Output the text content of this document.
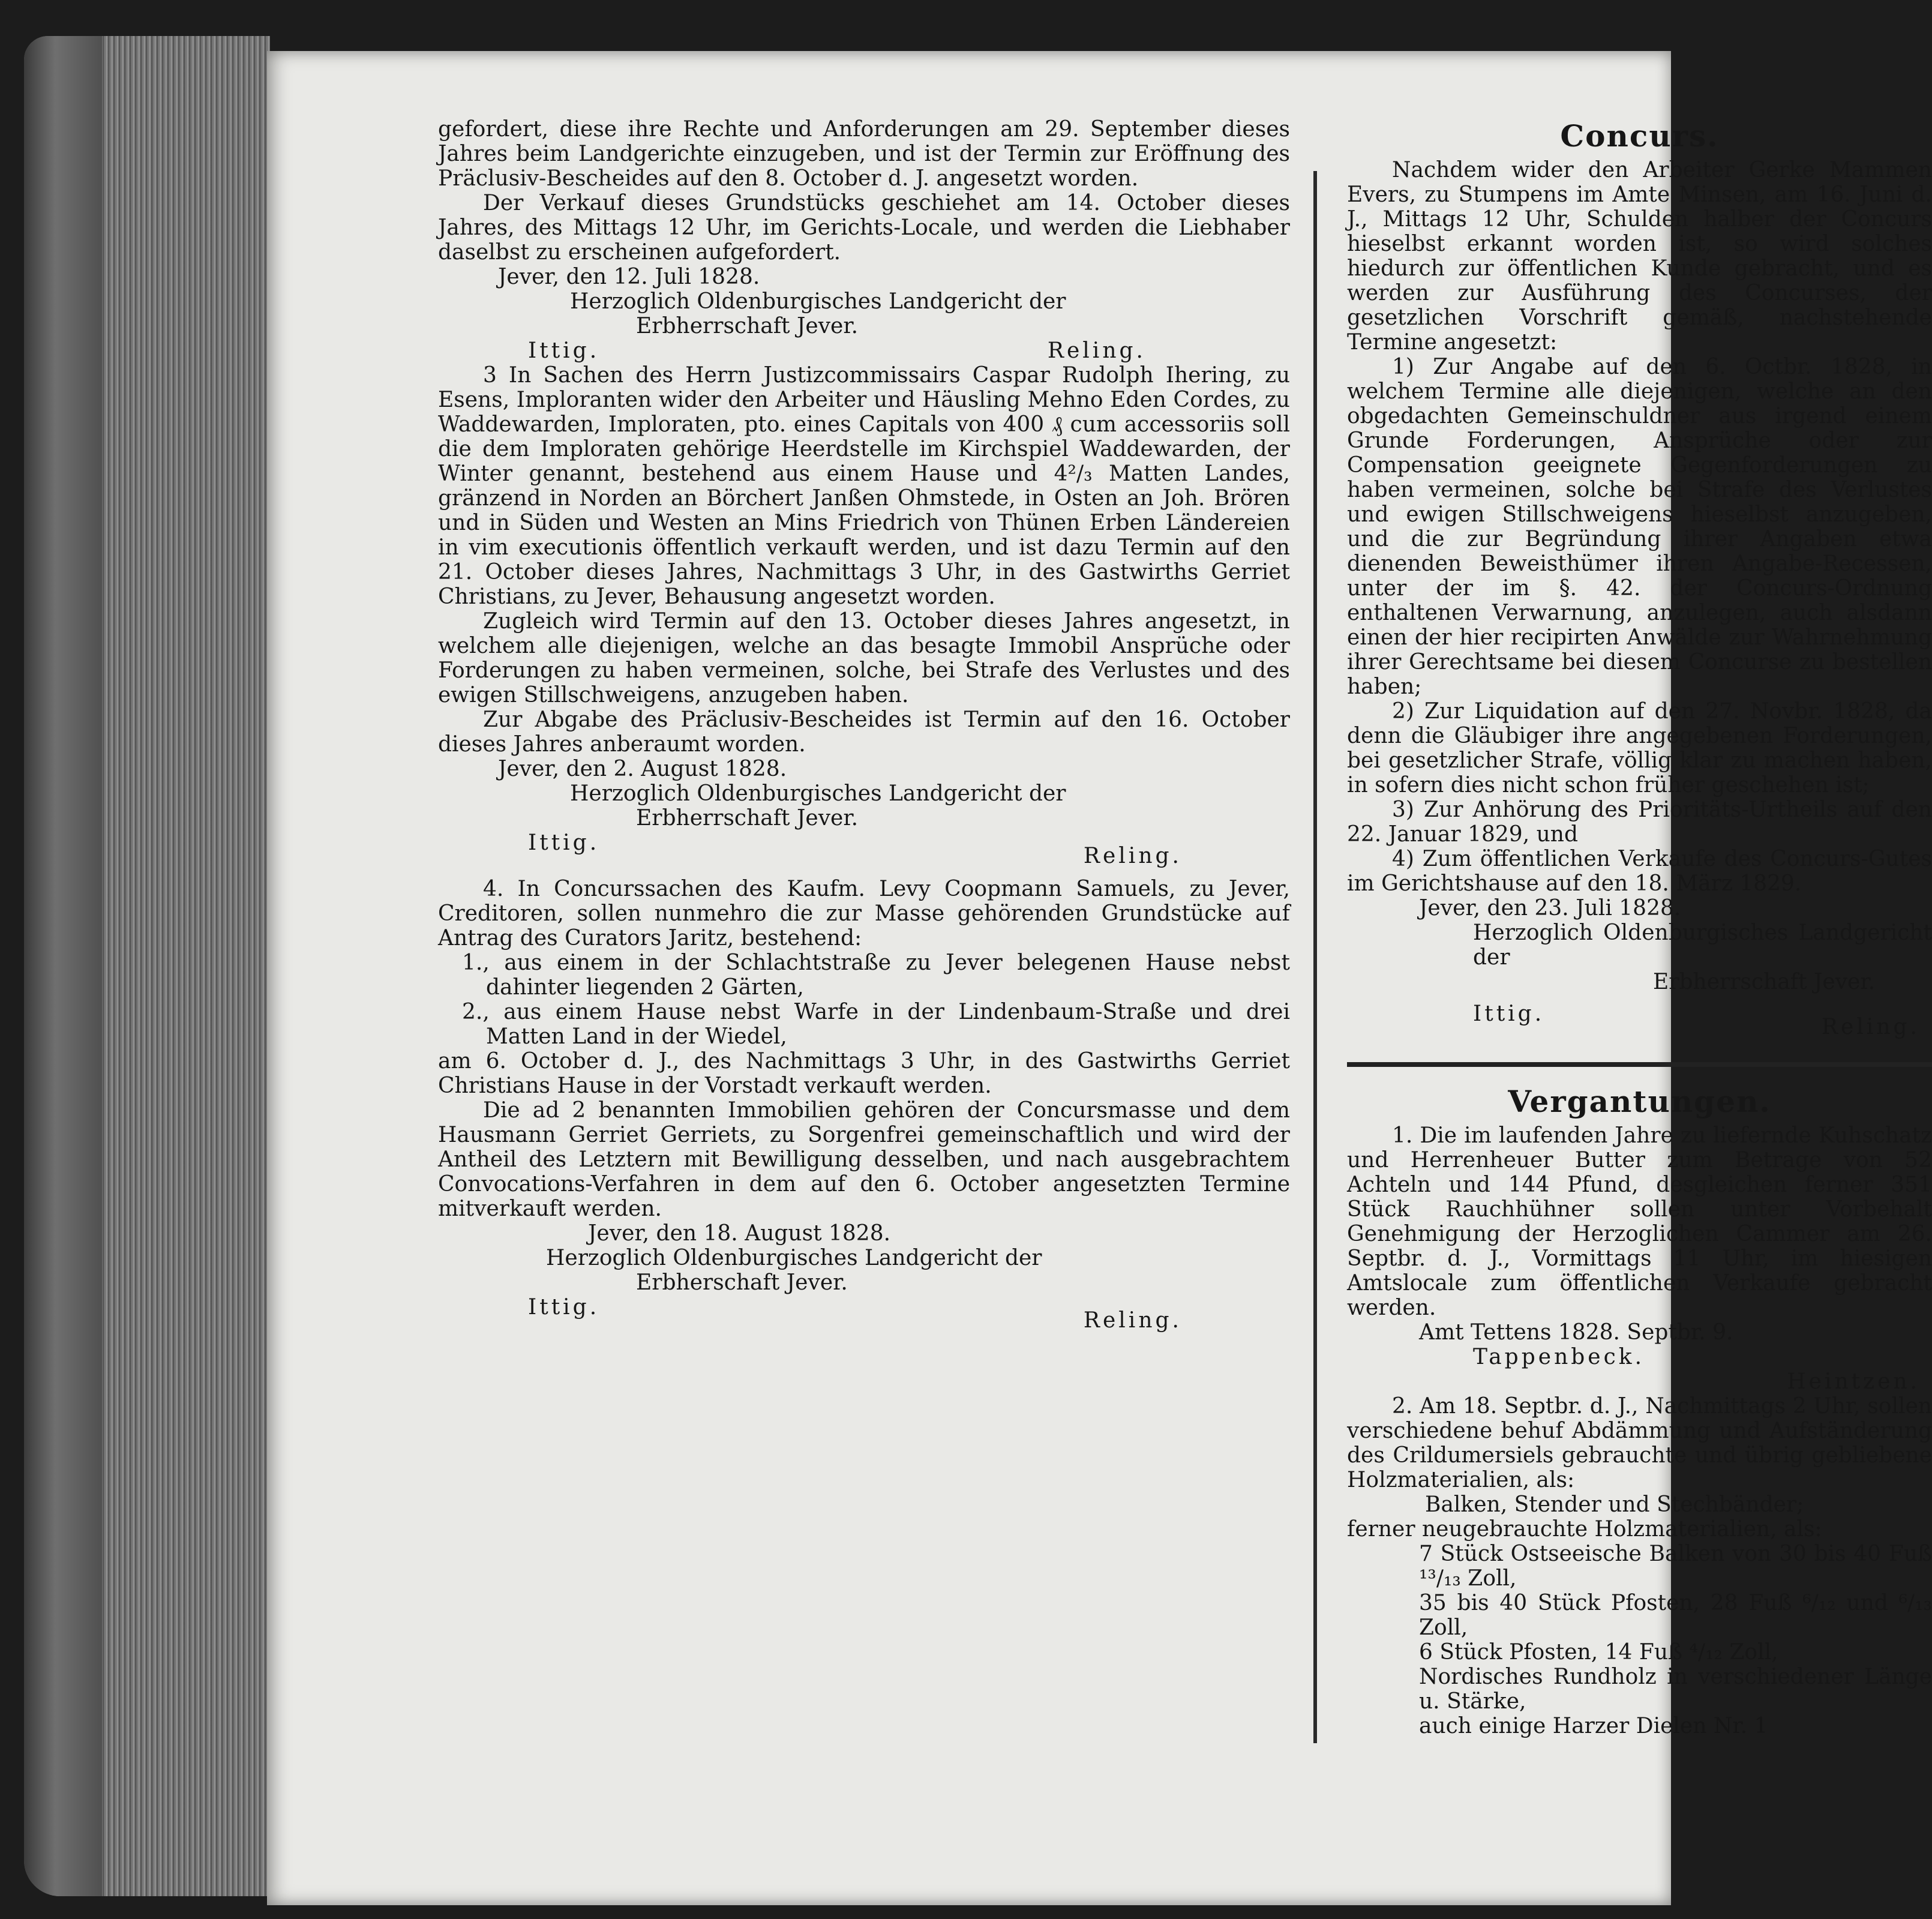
gefordert, diese ihre Rechte und Anforderungen am 29. September dieses Jahres beim Landgerichte einzugeben, und ist der Termin zur Eröffnung des Präclusiv-Bescheides auf den 8. October d. J. angesetzt worden.

Der Verkauf dieses Grundstücks geschiehet am 14. October dieses Jahres, des Mittags 12 Uhr, im Gerichts-Locale, und werden die Liebhaber daselbst zu erscheinen aufgefordert.

Jever, den 12. Juli 1828.

Herzoglich Oldenburgisches Landgericht der

Erbherrschaft Jever.

Ittig.	Reling.

3 In Sachen des Herrn Justizcommissairs Caspar Rudolph Ihering, zu Esens, Imploranten wider den Arbeiter und Häusling Mehno Eden Cordes, zu Waddewarden, Imploraten, pto. eines Capitals von 400 ₰ cum accessoriis soll die dem Imploraten gehörige Heerdstelle im Kirchspiel Waddewarden, der Winter genannt, bestehend aus einem Hause und 4²/₃ Matten Landes, gränzend in Norden an Börchert Janßen Ohmstede, in Osten an Joh. Brören und in Süden und Westen an Mins Friedrich von Thünen Erben Ländereien in vim executionis öffentlich verkauft werden, und ist dazu Termin auf den 21. October dieses Jahres, Nachmittags 3 Uhr, in des Gastwirths Gerriet Christians, zu Jever, Behausung angesetzt worden.

Zugleich wird Termin auf den 13. October dieses Jahres angesetzt, in welchem alle diejenigen, welche an das besagte Immobil Ansprüche oder Forderungen zu haben vermeinen, solche, bei Strafe des Verlustes und des ewigen Stillschweigens, anzugeben haben.

Zur Abgabe des Präclusiv-Bescheides ist Termin auf den 16. October dieses Jahres anberaumt worden.

Jever, den 2. August 1828.

Herzoglich Oldenburgisches Landgericht der

Erbherrschaft Jever.

Ittig.
Reling.

4. In Concurssachen des Kaufm. Levy Coopmann Samuels, zu Jever, Creditoren, sollen nunmehro die zur Masse gehörenden Grundstücke auf Antrag des Curators Jaritz, bestehend:

1., aus einem in der Schlachtstraße zu Jever belegenen Hause nebst dahinter liegenden 2 Gärten,

2., aus einem Hause nebst Warfe in der Lindenbaum-Straße und drei Matten Land in der Wiedel,

am 6. October d. J., des Nachmittags 3 Uhr, in des Gastwirths Gerriet Christians Hause in der Vorstadt verkauft werden.

Die ad 2 benannten Immobilien gehören der Concursmasse und dem Hausmann Gerriet Gerriets, zu Sorgenfrei gemeinschaftlich und wird der Antheil des Letztern mit Bewilligung desselben, und nach ausgebrachtem Convocations-Verfahren in dem auf den 6. October angesetzten Termine mitverkauft werden.

Jever, den 18. August 1828.

Herzoglich Oldenburgisches Landgericht der

Erbherschaft Jever.

Ittig.
Reling.

Concurs.

Nachdem wider den Arbeiter Gerke Mammen Evers, zu Stumpens im Amte Minsen, am 16. Juni d. J., Mittags 12 Uhr, Schulden halber der Concurs hieselbst erkannt worden ist, so wird solches hiedurch zur öffentlichen Kunde gebracht, und es werden zur Ausführung des Concurses, der gesetzlichen Vorschrift gemäß, nachstehende Termine angesetzt:

1) Zur Angabe auf den 6. Octbr. 1828, in welchem Termine alle diejenigen, welche an den obgedachten Gemeinschuldner aus irgend einem Grunde Forderungen, Ansprüche oder zur Compensation geeignete Gegenforderungen zu haben vermeinen, solche bei Strafe des Verlustes und ewigen Stillschweigens hieselbst anzugeben, und die zur Begründung ihrer Angaben etwa dienenden Beweisthümer ihren Angabe-Recessen, unter der im §. 42. der Concurs-Ordnung enthaltenen Verwarnung, anzulegen, auch alsdann einen der hier recipirten Anwälde zur Wahrnehmung ihrer Gerechtsame bei diesem Concurse zu bestellen haben;

2) Zur Liquidation auf den 27. Novbr. 1828, da denn die Gläubiger ihre angegebenen Forderungen, bei gesetzlicher Strafe, völlig klar zu machen haben, in sofern dies nicht schon früher geschehen ist;

3) Zur Anhörung des Prioritäts-Urtheils auf den 22. Januar 1829, und

4) Zum öffentlichen Verkaufe des Concurs-Gutes im Gerichtshause auf den 18. März 1829.

Jever, den 23. Juli 1828.

Herzoglich Oldenburgisches Landgericht der

Erbherrschaft Jever.

Ittig.
Reling.

Vergantungen.

1. Die im laufenden Jahre zu liefernde Kuhschatz und Herrenheuer Butter zum Betrage von 52 Achteln und 144 Pfund, desgleichen ferner 351 Stück Rauchhühner sollen unter Vorbehalt Genehmigung der Herzoglichen Cammer am 26. Septbr. d. J., Vormittags 11 Uhr, im hiesigen Amtslocale zum öffentlichen Verkaufe gebracht werden.

Amt Tettens 1828. Septbr. 9.

Tappenbeck.
Heintzen.

2. Am 18. Septbr. d. J., Nachmittags 2 Uhr, sollen verschiedene behuf Abdämmung und Aufständerung des Crildumersiels gebrauchte und übrig gebliebene Holzmaterialien, als:

Balken, Stender und Stechbänder;

ferner neugebrauchte Holzmaterialien, als:

7 Stück Ostseeische Balken von 30 bis 40 Fuß ¹³/₁₃ Zoll,

35 bis 40 Stück Pfosten, 28 Fuß ⁶/₁₂ und ⁶/₁₃ Zoll,

6 Stück Pfosten, 14 Fuß ⁴/₁₂ Zoll,

Nordisches Rundholz in verschiedener Länge u. Stärke,

auch einige Harzer Dielen Nr. 1
